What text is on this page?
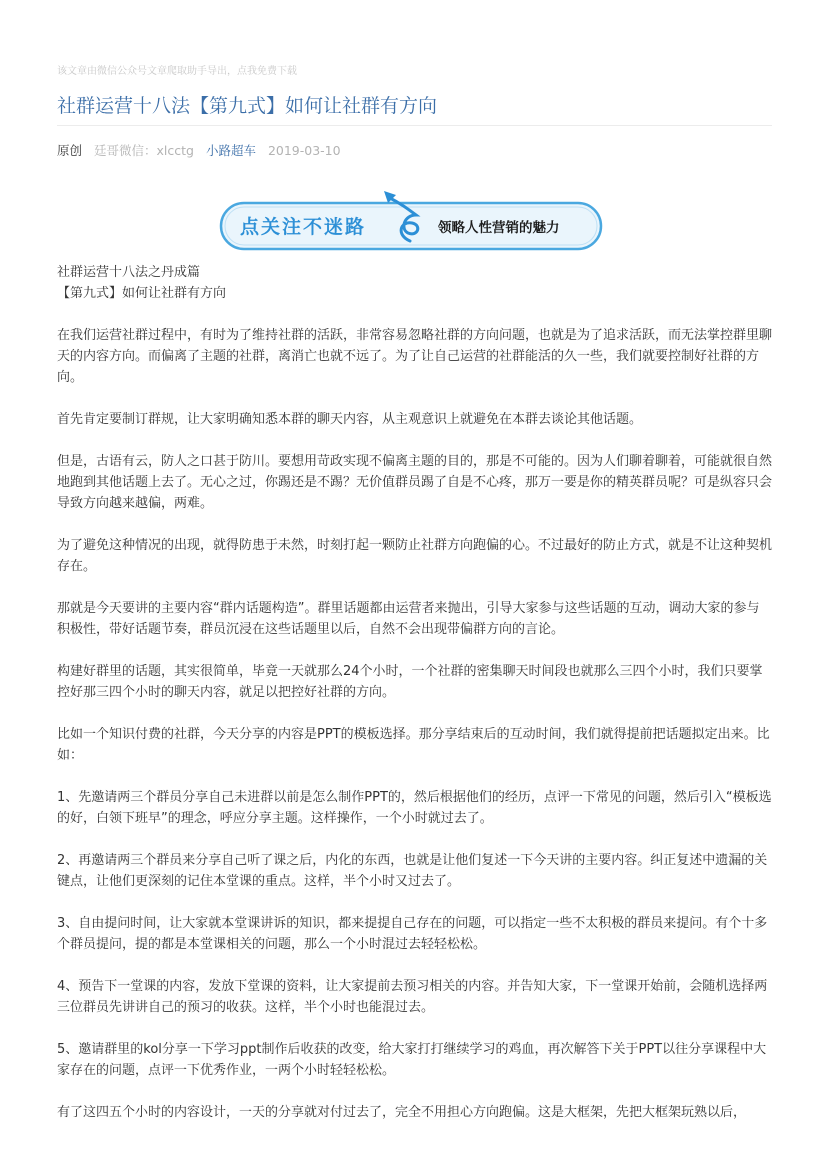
该文章由微信公众号文章爬取助手导出，点我免费下载
社群运营十八法【第九式】如何让社群有方向
原创 廷哥微信：xlcctg 小路超车 2019-03-10
点关注不迷路	领略人性营销的魅力

社群运营十八法之丹成篇

【第九式】如何让社群有方向

在我们运营社群过程中，有时为了维持社群的活跃，非常容易忽略社群的方向问题，也就是为了追求活跃，而无法掌控群里聊天的内容方向。而偏离了主题的社群，离消亡也就不远了。为了让自己运营的社群能活的久一些，我们就要控制好社群的方向。

首先肯定要制订群规，让大家明确知悉本群的聊天内容，从主观意识上就避免在本群去谈论其他话题。

但是，古语有云，防人之口甚于防川。要想用苛政实现不偏离主题的目的，那是不可能的。因为人们聊着聊着，可能就很自然地跑到其他话题上去了。无心之过，你踢还是不踢？无价值群员踢了自是不心疼，那万一要是你的精英群员呢？可是纵容只会导致方向越来越偏，两难。

为了避免这种情况的出现，就得防患于未然，时刻打起一颗防止社群方向跑偏的心。不过最好的防止方式，就是不让这种契机存在。

那就是今天要讲的主要内容“群内话题构造”。群里话题都由运营者来抛出，引导大家参与这些话题的互动，调动大家的参与积极性，带好话题节奏，群员沉浸在这些话题里以后，自然不会出现带偏群方向的言论。

构建好群里的话题，其实很简单，毕竟一天就那么24个小时，一个社群的密集聊天时间段也就那么三四个小时，我们只要掌控好那三四个小时的聊天内容，就足以把控好社群的方向。

比如一个知识付费的社群，今天分享的内容是PPT的模板选择。那分享结束后的互动时间，我们就得提前把话题拟定出来。比如：

1、先邀请两三个群员分享自己未进群以前是怎么制作PPT的，然后根据他们的经历，点评一下常见的问题，然后引入“模板选的好，白领下班早”的理念，呼应分享主题。这样操作，一个小时就过去了。

2、再邀请两三个群员来分享自己听了课之后，内化的东西，也就是让他们复述一下今天讲的主要内容。纠正复述中遗漏的关键点，让他们更深刻的记住本堂课的重点。这样，半个小时又过去了。

3、自由提问时间，让大家就本堂课讲诉的知识，都来提提自己存在的问题，可以指定一些不太积极的群员来提问。有个十多个群员提问，提的都是本堂课相关的问题，那么一个小时混过去轻轻松松。

4、预告下一堂课的内容，发放下堂课的资料，让大家提前去预习相关的内容。并告知大家，下一堂课开始前，会随机选择两三位群员先讲讲自己的预习的收获。这样，半个小时也能混过去。

5、邀请群里的kol分享一下学习ppt制作后收获的改变，给大家打打继续学习的鸡血，再次解答下关于PPT以往分享课程中大家存在的问题，点评一下优秀作业，一两个小时轻轻松松。

有了这四五个小时的内容设计，一天的分享就对付过去了，完全不用担心方向跑偏。这是大框架，先把大框架玩熟以后，
